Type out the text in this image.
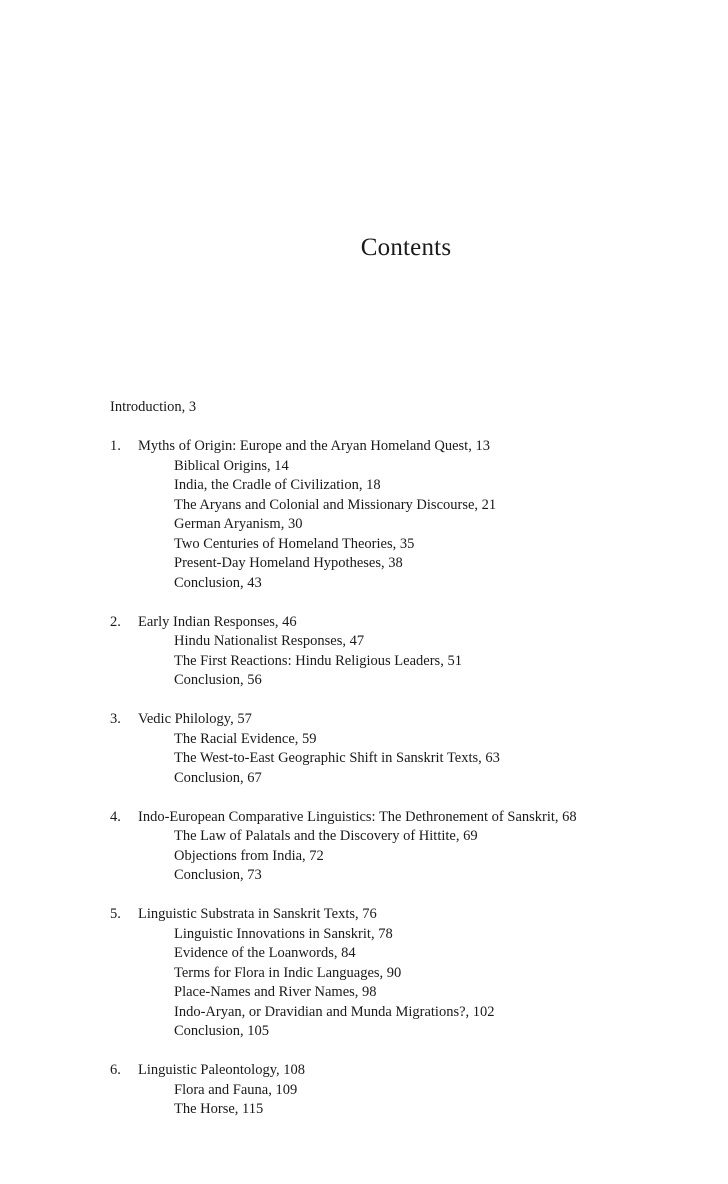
Contents
Introduction, 3
1.	Myths of Origin: Europe and the Aryan Homeland Quest, 13
Biblical Origins, 14
India, the Cradle of Civilization, 18
The Aryans and Colonial and Missionary Discourse, 21
German Aryanism, 30
Two Centuries of Homeland Theories, 35
Present-Day Homeland Hypotheses, 38
Conclusion, 43
2.	Early Indian Responses, 46
Hindu Nationalist Responses, 47
The First Reactions: Hindu Religious Leaders, 51
Conclusion, 56
3.	Vedic Philology, 57
The Racial Evidence, 59
The West-to-East Geographic Shift in Sanskrit Texts, 63
Conclusion, 67
4.	Indo-European Comparative Linguistics: The Dethronement of Sanskrit, 68
The Law of Palatals and the Discovery of Hittite, 69
Objections from India, 72
Conclusion, 73
5.	Linguistic Substrata in Sanskrit Texts, 76
Linguistic Innovations in Sanskrit, 78
Evidence of the Loanwords, 84
Terms for Flora in Indic Languages, 90
Place-Names and River Names, 98
Indo-Aryan, or Dravidian and Munda Migrations?, 102
Conclusion, 105
6.	Linguistic Paleontology, 108
Flora and Fauna, 109
The Horse, 115
